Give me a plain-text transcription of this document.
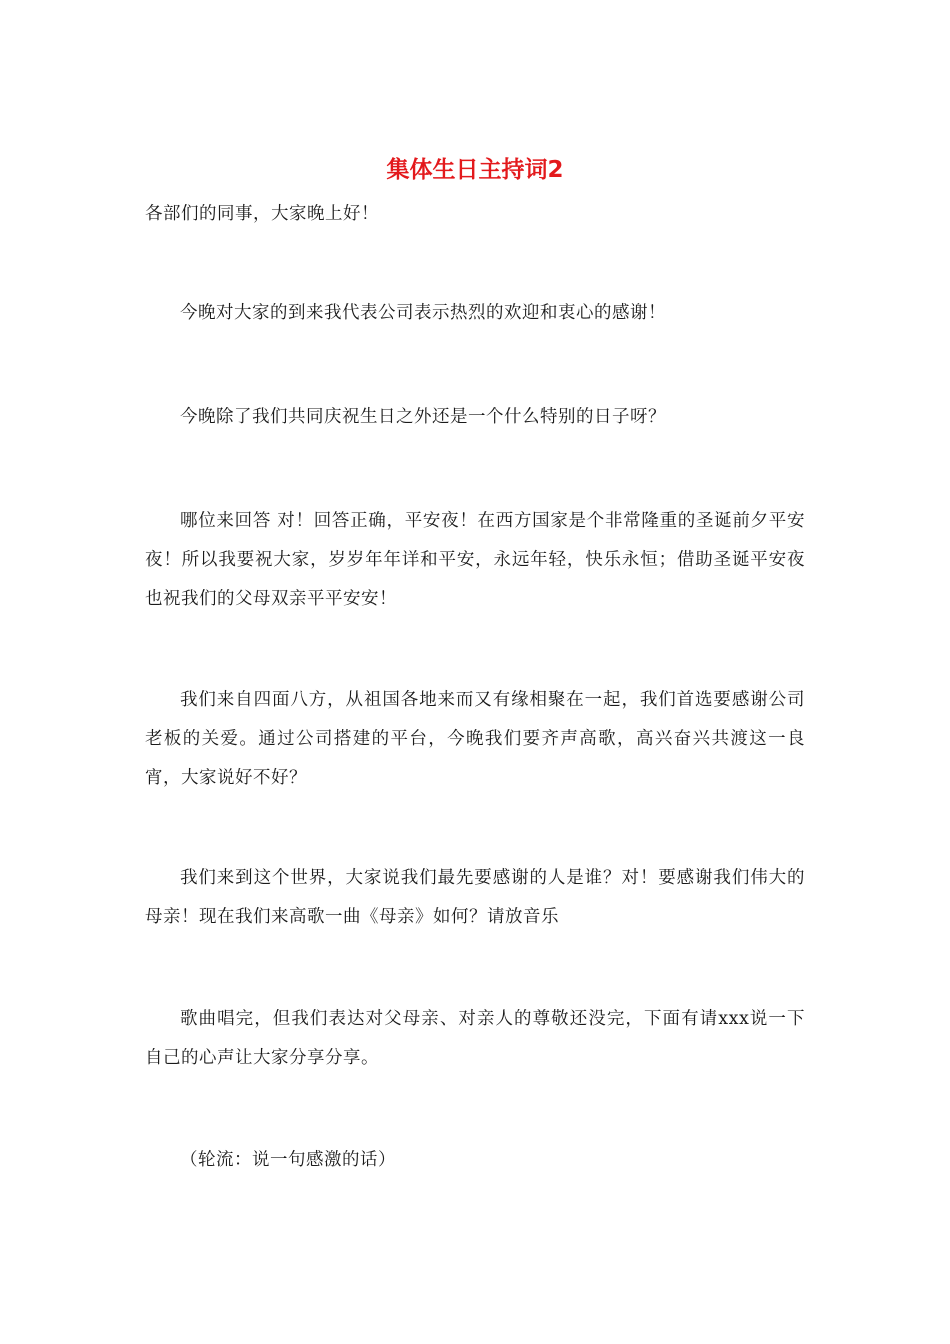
集体生日主持词2

各部们的同事，大家晚上好！

今晚对大家的到来我代表公司表示热烈的欢迎和衷心的感谢！

今晚除了我们共同庆祝生日之外还是一个什么特别的日子呀？

哪位来回答 对！回答正确，平安夜！在西方国家是个非常隆重的圣诞前夕平安夜！所以我要祝大家，岁岁年年详和平安，永远年轻，快乐永恒；借助圣诞平安夜也祝我们的父母双亲平平安安！

我们来自四面八方，从祖国各地来而又有缘相聚在一起，我们首选要感谢公司老板的关爱。通过公司搭建的平台，今晚我们要齐声高歌，高兴奋兴共渡这一良宵，大家说好不好？

我们来到这个世界，大家说我们最先要感谢的人是谁？对！要感谢我们伟大的母亲！现在我们来高歌一曲《母亲》如何？请放音乐

歌曲唱完，但我们表达对父母亲、对亲人的尊敬还没完，下面有请xxx说一下自己的心声让大家分享分享。

（轮流：说一句感激的话）
